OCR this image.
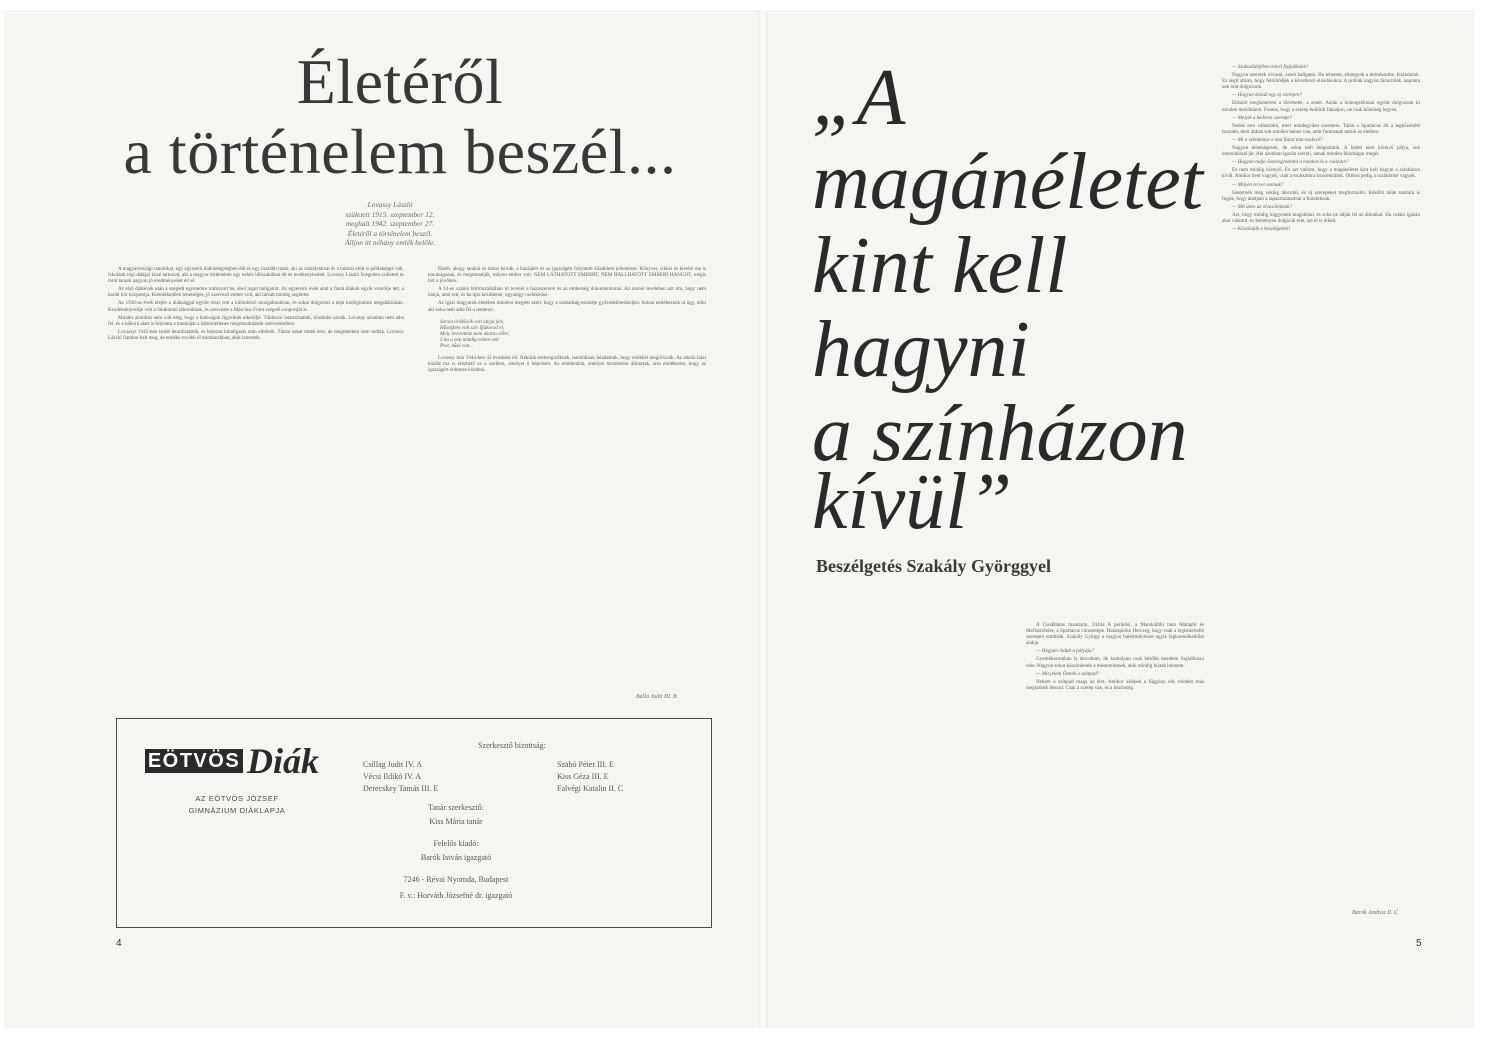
Életéről
a történelem beszél...
Lovassy László
született 1915. szeptember 12.
meghalt 1942. szeptember 27.
Életéről a történelem beszél.
Álljon itt néhány emlék belőle.

A magyarországi tanulókat, egy egyszerű diákbetegségben élő és egy tisztább tanár, aki az osztálytársai és a tanárai előtt is példaképpé vált. Iskolánk régi diákjai közé tartozott, aki a magyar történelem egy nehéz időszakában élt és tevékenykedett. Lovassy László Szegeden született és mint tanuló nagyon jó eredményeket ért el.

Az első diákévek után a szegedi egyetemre iratkozott be, ahol jogot hallgatott. Az egyetemi évek alatt a fiatal diákok egyik vezetője lett, a baráti kör központja. Kiemelkedően tehetséges, jó szervező ember volt, aki társait mindig segítette.

Az 1930-as évek elején a diáksággal együtt részt vett a különböző mozgalmakban, és sokat dolgozott a népi kollégiumok megalakításán. Kezdeményezője volt a falukutató táboroknak, és szervezte a Márciusi Front szegedi csoportját is.

Mindez azonban nem volt elég, hogy a hatóságok figyelmét elkerülje. Többször letartóztatták, börtönbe zárták. Lovassy azonban nem adta fel, és a háború alatt is folytatta a munkáját a háborúellenes megmozdulások szervezésében.

Lovassyt 1942-ben ismét letartóztatták, és hosszas kihallgatás után elítélték. Társai sokat tettek érte, de megmenteni nem tudták. Lovassy László fiatalon halt meg, de emléke tovább él mindazokban, akik ismerték.

Életét, ahogy tanárai és társai leírták, a hazájáért és az igazságért folytatott küzdelem jellemezte. Könyvei, cikkei és levelei ma is tanulságosak, és megmutatják, milyen ember volt. NEM LÁTHATOTT EMBERT, NEM HALLHATOTT EMBERI HANGOT, mégis hitt a jövőben.

A 14-es számú börtönzárkában írt levelei a hazaszeretet és az emberség dokumentumai. Az utolsó levelében azt írta, hogy nem bánja, amit tett, és ha újra kezdhetné, ugyanígy cselekedne.

Az igazi magyarok életében mindent megtett azért, hogy a szabadság eszméje győzedelmeskedjen. Sokan emlékeznek rá úgy, mint aki soha nem adta fel a reményt.

Sorsot örökösök volt anyja jele,
Hűségben volt szív ifjúkorod el,
Mely leverettem nem akarta előre,
S ha a nép mindig velem volt
Pest, hűsé van...

Lovassy már 1944-ben 42 évesként élt. Nekünk érettségizőknek, tanulóknak feladatunk, hogy emlékét megőrizzük. Az iskola falai között ma is érezhető az a szellem, amelyet ő képviselt. Az emléktábla, amelyet tiszteletére állítottak, arra emlékeztet, hogy az igazságért érdemes küzdeni.

Balla Judit III. B
EÖTVÖS Diák
AZ EÖTVÖS JÓZSEF
GIMNÁZIUM DIÁKLAPJA
Szerkesztő bizottság:
Csillag Judit IV. A
Vécsi Ildikó IV. A
Derecskey Tamás III. E
Szabó Péter III. E
Kiss Géza III. E
Falvégi Katalin II. C
Tanár szerkesztő:
Kiss Mária tanár
Felelős kiadó:
Barók István igazgató
7246 - Révai Nyomda, Budapest
F. v.: Horváth Józsefné dr. igazgató
4
„A
magánéletet
kint kell
hagyni
a színházon
kívül”
Beszélgetés Szakály Györggyel

A Csodálatos mandarin, 2444a A perhidsi, a Marskállthi ham Mátaplit és Mefisztófeles, a Spartacus címszerepe. Hanaspitike Herczeg, hogy csak a legismertebb szerepeit említsük. Szakály György a magyar balettművészet egyik legkiemelkedőbb alakja.

— Hogyan indult a pályája?

Gyerekkoromban is táncoltam, de komolyan csak később kezdtem foglalkozni vele. Nagyon sokat köszönhetek a mestereimnek, akik mindig bíztak bennem.

— Mit jelent Önnek a színpad?

Nekem a színpad maga az élet. Amikor kilépek a függöny elé, minden más megszűnik létezni. Csak a szerep van, és a közönség.

— Szabadidejében mivel foglalkozik?

Nagyon szeretek olvasni, zenét hallgatni. Ha tehetem, elmegyek a természetbe, kirándulok. Ez segít abban, hogy feltöltődjek a következő előadásokra. A próbák nagyon fárasztóak, naponta sok órát dolgozunk.

— Hogyan készül egy új szerepre?

Először megismerem a történetet, a zenét. Aztán a koreográfussal együtt dolgozunk ki minden mozdulatot. Fontos, hogy a szerep belülről fakadjon, ne csak külsőség legyen.

— Melyik a kedvenc szerepe?

Nehéz erre válaszolni, mert mindegyiket szeretem. Talán a Spartacus áll a legközelebb hozzám, mert abban sok minden benne van, amit fontosnak tartok az életben.

— Mi a véleménye a mai fiatal táncosokról?

Nagyon tehetségesek, de sokat kell dolgozniuk. A balett nem könnyű pálya, sok lemondással jár. Aki azonban igazán szereti, annak minden fáradságot megér.

— Hogyan tudja összeegyeztetni a munkát és a családot?

Ez nem mindig könnyű. Én azt vallom, hogy a magánéletet kint kell hagyni a színházon kívül. Amikor bent vagyok, csak a munkámra koncentrálok. Otthon pedig a családomé vagyok.

— Milyen tervei vannak?

Szeretnék még sokáig táncolni, és új szerepeket megformálni. Később talán tanítani is fogok, hogy átadjam a tapasztalataimat a fiataloknak.

— Mit üzen az olvasóinknak?

Azt, hogy mindig higgyenek magukban, és soha ne adják fel az álmaikat. Ha valaki igazán akar valamit, és keményen dolgozik érte, azt el is érheti.

— Köszönjük a beszélgetést!

Barók Andrea II. C
5
